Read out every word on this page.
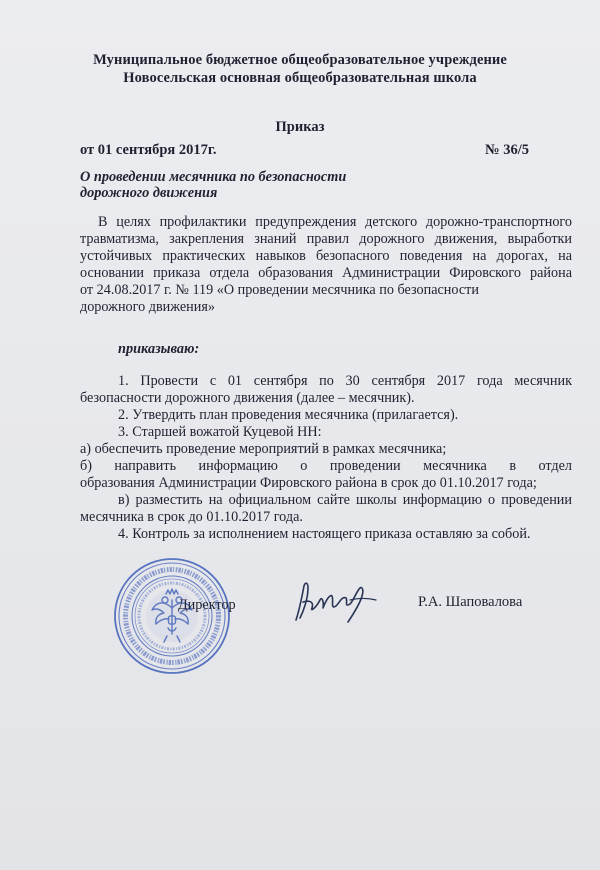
Муниципальное бюджетное общеобразовательное учреждение
Новосельская основная общеобразовательная школа
Приказ
от 01 сентября 2017г.	№ 36/5
О проведении месячника по безопасности
дорожного движения
В целях профилактики предупреждения детского дорожно-транспортного
травматизма, закрепления знаний правил дорожного движения, выработки
устойчивых практических навыков безопасного поведения на дорогах, на
основании приказа отдела образования Администрации Фировского района
от 24.08.2017 г. № 119 «О проведении месячника по безопасности
дорожного движения»
приказываю:
1. Провести с 01 сентября по 30 сентября 2017 года месячник
безопасности дорожного движения (далее – месячник).
2. Утвердить план проведения месячника (прилагается).
3. Старшей вожатой Куцевой НН:
а) обеспечить проведение мероприятий в рамках месячника;
б) направить информацию о проведении месячника в отдел
образования Администрации Фировского района в срок до 01.10.2017 года;
в) разместить на официальном сайте школы информацию о проведении
месячника в срок до 01.10.2017 года.
4. Контроль за исполнением настоящего приказа оставляю за собой.
Директор	Р.А. Шаповалова
